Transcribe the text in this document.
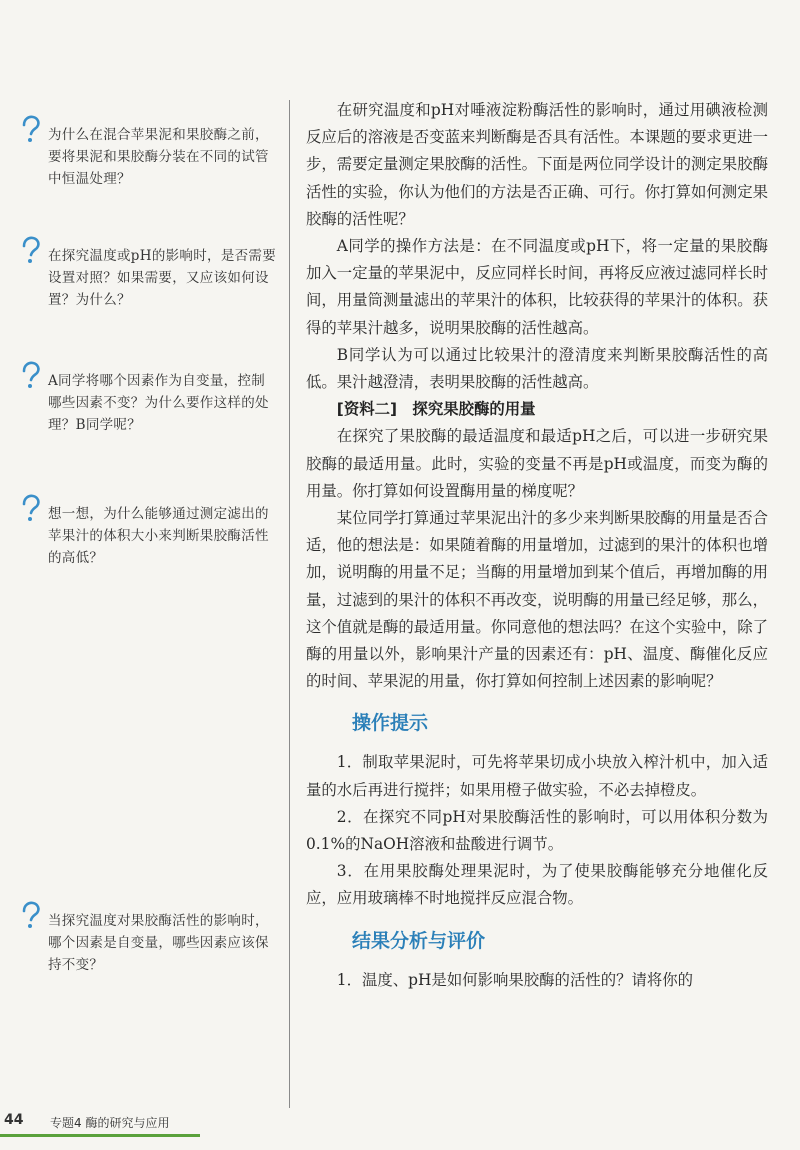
为什么在混合苹果泥和果胶酶之前，要将果泥和果胶酶分装在不同的试管中恒温处理？

在探究温度或pH的影响时，是否需要设置对照？如果需要，又应该如何设置？为什么？

A同学将哪个因素作为自变量，控制哪些因素不变？为什么要作这样的处理？B同学呢？

想一想，为什么能够通过测定滤出的苹果汁的体积大小来判断果胶酶活性的高低？

当探究温度对果胶酶活性的影响时，哪个因素是自变量，哪些因素应该保持不变？

在研究温度和pH对唾液淀粉酶活性的影响时，通过用碘液检测反应后的溶液是否变蓝来判断酶是否具有活性。本课题的要求更进一步，需要定量测定果胶酶的活性。下面是两位同学设计的测定果胶酶活性的实验，你认为他们的方法是否正确、可行。你打算如何测定果胶酶的活性呢？

A同学的操作方法是：在不同温度或pH下，将一定量的果胶酶加入一定量的苹果泥中，反应同样长时间，再将反应液过滤同样长时间，用量筒测量滤出的苹果汁的体积，比较获得的苹果汁的体积。获得的苹果汁越多，说明果胶酶的活性越高。

B同学认为可以通过比较果汁的澄清度来判断果胶酶活性的高低。果汁越澄清，表明果胶酶的活性越高。

[资料二]　探究果胶酶的用量

在探究了果胶酶的最适温度和最适pH之后，可以进一步研究果胶酶的最适用量。此时，实验的变量不再是pH或温度，而变为酶的用量。你打算如何设置酶用量的梯度呢？

某位同学打算通过苹果泥出汁的多少来判断果胶酶的用量是否合适，他的想法是：如果随着酶的用量增加，过滤到的果汁的体积也增加，说明酶的用量不足；当酶的用量增加到某个值后，再增加酶的用量，过滤到的果汁的体积不再改变，说明酶的用量已经足够，那么，这个值就是酶的最适用量。你同意他的想法吗？在这个实验中，除了酶的用量以外，影响果汁产量的因素还有：pH、温度、酶催化反应的时间、苹果泥的用量，你打算如何控制上述因素的影响呢？

操作提示

1．制取苹果泥时，可先将苹果切成小块放入榨汁机中，加入适量的水后再进行搅拌；如果用橙子做实验，不必去掉橙皮。

2．在探究不同pH对果胶酶活性的影响时，可以用体积分数为0.1%的NaOH溶液和盐酸进行调节。

3．在用果胶酶处理果泥时，为了使果胶酶能够充分地催化反应，应用玻璃棒不时地搅拌反应混合物。

结果分析与评价

1．温度、pH是如何影响果胶酶的活性的？请将你的

44 专题4 酶的研究与应用
